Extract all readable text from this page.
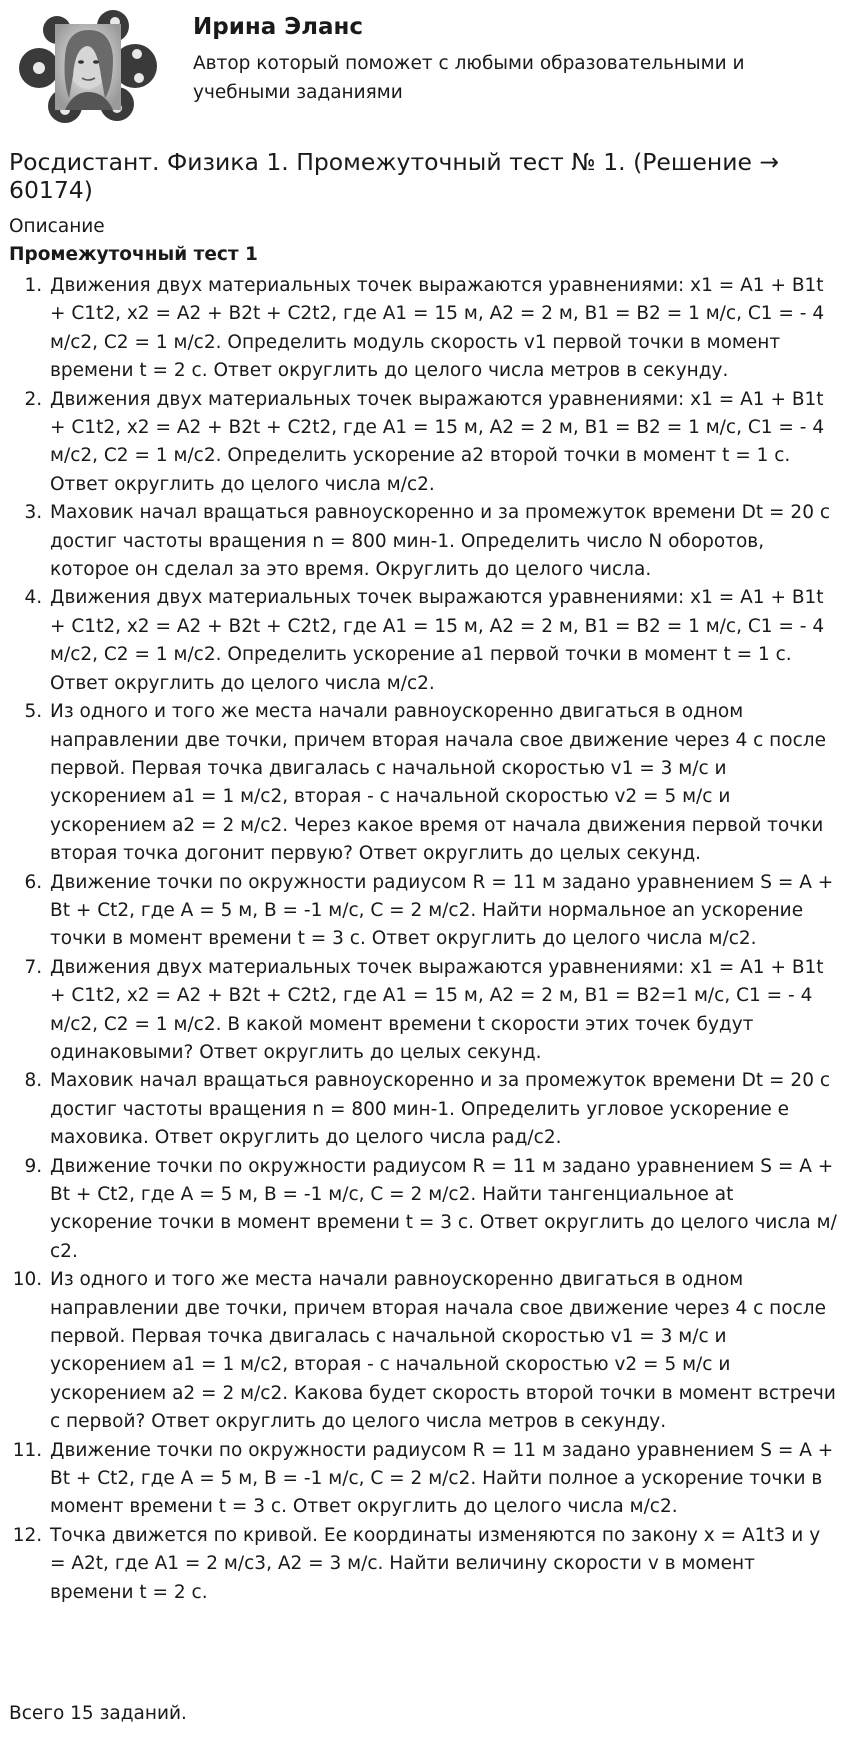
Ирина Эланс

Автор который поможет с любыми образовательными и учебными заданиями

Росдистант. Физика 1. Промежуточный тест № 1. (Решение → 60174)

Описание

Промежуточный тест 1

1. Движения двух материальных точек выражаются уравнениями: x1 = A1 + B1t + C1t2, x2 = A2 + B2t + C2t2, где A1 = 15 м, A2 = 2 м, B1 = B2 = 1 м/с, C1 = - 4 м/с2, C2 = 1 м/с2. Определить модуль скорость v1 первой точки в момент времени t = 2 с. Ответ округлить до целого числа метров в секунду.
2. Движения двух материальных точек выражаются уравнениями: x1 = A1 + B1t + C1t2, x2 = A2 + B2t + C2t2, где A1 = 15 м, A2 = 2 м, B1 = B2 = 1 м/с, C1 = - 4 м/с2, C2 = 1 м/с2. Определить ускорение a2 второй точки в момент t = 1 с. Ответ округлить до целого числа м/с2.
3. Маховик начал вращаться равноускоренно и за промежуток времени Dt = 20 с достиг частоты вращения n = 800 мин-1. Определить число N оборотов, которое он сделал за это время. Округлить до целого числа.
4. Движения двух материальных точек выражаются уравнениями: x1 = A1 + B1t + C1t2, x2 = A2 + B2t + C2t2, где A1 = 15 м, A2 = 2 м, B1 = B2 = 1 м/с, C1 = - 4 м/с2, C2 = 1 м/с2. Определить ускорение a1 первой точки в момент t = 1 с. Ответ округлить до целого числа м/с2.
5. Из одного и того же места начали равноускоренно двигаться в одном направлении две точки, причем вторая начала свое движение через 4 с после первой. Первая точка двигалась с начальной скоростью v1 = 3 м/с и ускорением a1 = 1 м/с2, вторая - с начальной скоростью v2 = 5 м/с и ускорением a2 = 2 м/с2. Через какое время от начала движения первой точки вторая точка догонит первую? Ответ округлить до целых секунд.
6. Движение точки по окружности радиусом R = 11 м задано уравнением S = A + Bt + Ct2, где A = 5 м, B = -1 м/с, C = 2 м/с2. Найти нормальное an ускорение точки в момент времени t = 3 с. Ответ округлить до целого числа м/с2.
7. Движения двух материальных точек выражаются уравнениями: x1 = A1 + B1t + C1t2, x2 = A2 + B2t + C2t2, где A1 = 15 м, A2 = 2 м, B1 = B2=1 м/с, C1 = - 4 м/с2, C2 = 1 м/с2. В какой момент времени t скорости этих точек будут одинаковыми? Ответ округлить до целых секунд.
8. Маховик начал вращаться равноускоренно и за промежуток времени Dt = 20 с достиг частоты вращения n = 800 мин-1. Определить угловое ускорение e маховика. Ответ округлить до целого числа рад/с2.
9. Движение точки по окружности радиусом R = 11 м задано уравнением S = A + Bt + Ct2, где A = 5 м, B = -1 м/с, C = 2 м/с2. Найти тангенциальное at ускорение точки в момент времени t = 3 с. Ответ округлить до целого числа м/с2.
10. Из одного и того же места начали равноускоренно двигаться в одном направлении две точки, причем вторая начала свое движение через 4 с после первой. Первая точка двигалась с начальной скоростью v1 = 3 м/с и ускорением a1 = 1 м/с2, вторая - с начальной скоростью v2 = 5 м/с и ускорением a2 = 2 м/с2. Какова будет скорость второй точки в момент встречи с первой? Ответ округлить до целого числа метров в секунду.
11. Движение точки по окружности радиусом R = 11 м задано уравнением S = A + Bt + Ct2, где A = 5 м, B = -1 м/с, C = 2 м/с2. Найти полное a ускорение точки в момент времени t = 3 с. Ответ округлить до целого числа м/с2.
12. Точка движется по кривой. Ее координаты изменяются по закону x = A1t3 и y = A2t, где A1 = 2 м/с3, A2 = 3 м/с. Найти величину скорости v в момент времени t = 2 с.

Всего 15 заданий.
